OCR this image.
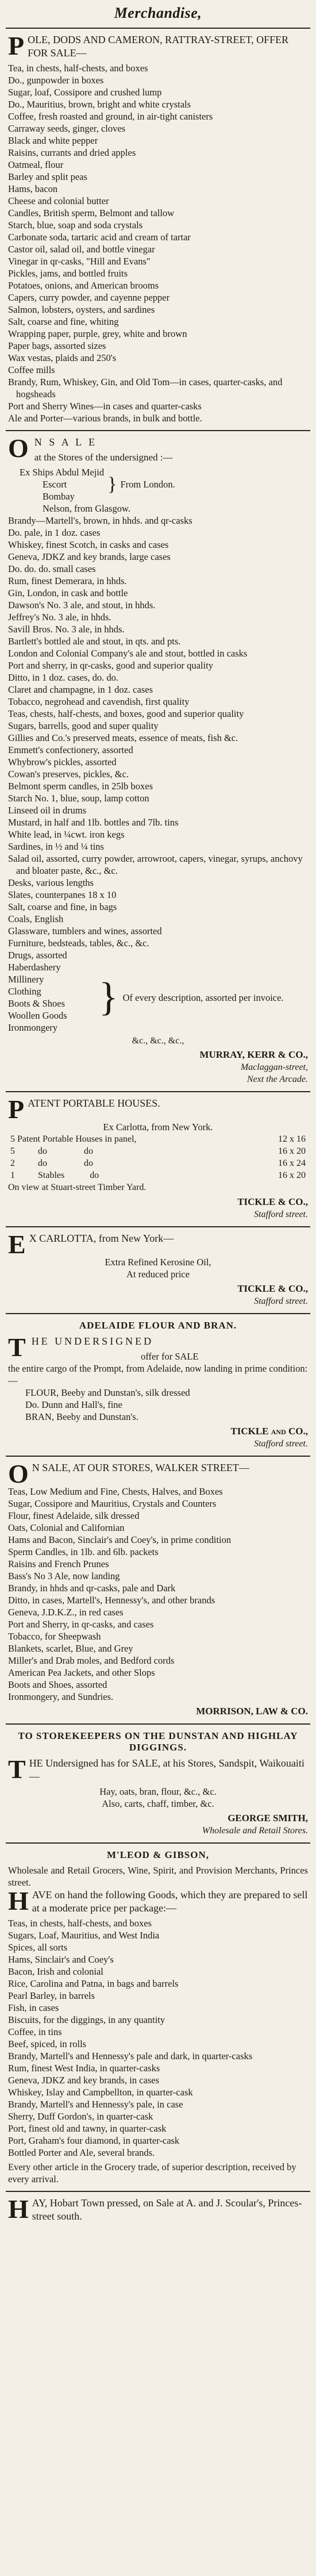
Merchandise,
P OLE, DODS AND CAMERON, RATTRAY-STREET, OFFER FOR SALE—
Tea, in chests, half-chests, and boxes
Do., gunpowder in boxes
Sugar, loaf, Cossipore and crushed lump
Do., Mauritius, brown, bright and white crystals
Coffee, fresh roasted and ground, in air-tight canisters
Carraway seeds, ginger, cloves
Black and white pepper
Raisins, currants and dried apples
Oatmeal, flour
Barley and split peas
Hams, bacon
Cheese and colonial butter
Candles, British sperm, Belmont and tallow
Starch, blue, soap and soda crystals
Carbonate soda, tartaric acid and cream of tartar
Castor oil, salad oil, and bottle vinegar
Vinegar in qr-casks, "Hill and Evans"
Pickles, jams, and bottled fruits
Potatoes, onions, and American brooms
Capers, curry powder, and cayenne pepper
Salmon, lobsters, oysters, and sardines
Salt, coarse and fine, whiting
Wrapping paper, purple, grey, white and brown
Paper bags, assorted sizes
Wax vestas, plaids and 250's
Coffee mills
Brandy, Rum, Whiskey, Gin, and Old Tom—in cases, quarter-casks, and hogsheads
Port and Sherry Wines—in cases and quarter-casks
Ale and Porter—various brands, in bulk and bottle.
O N S A L E
at the Stores of the undersigned :—
Ex Ships Abdul Mejid
Escort
Bombay
} From London.
Nelson, from Glasgow.
Brandy—Martell's, brown, in hhds. and qr-casks
Do. pale, in 1 doz. cases
Whiskey, finest Scotch, in casks and cases
Geneva, JDKZ and key brands, large cases
Do. do. do. small cases
Rum, finest Demerara, in hhds.
Gin, London, in cask and bottle
Dawson's No. 3 ale, and stout, in hhds.
Jeffrey's No. 3 ale, in hhds.
Savill Bros. No. 3 ale, in hhds.
Bartlett's bottled ale and stout, in qts. and pts.
London and Colonial Company's ale and stout, bottled in casks
Port and sherry, in qr-casks, good and superior quality
Ditto, in 1 doz. cases, do. do.
Claret and champagne, in 1 doz. cases
Tobacco, negrohead and cavendish, first quality
Teas, chests, half-chests, and boxes, good and superior quality
Sugars, barrells, good and super quality
Gillies and Co.'s preserved meats, essence of meats, fish &c.
Emmett's confectionery, assorted
Whybrow's pickles, assorted
Cowan's preserves, pickles, &c.
Belmont sperm candles, in 25lb boxes
Starch No. 1, blue, soup, lamp cotton
Linseed oil in drums
Mustard, in half and 1lb. bottles and 7lb. tins
White lead, in ¼cwt. iron kegs
Sardines, in ½ and ¼ tins
Salad oil, assorted, curry powder, arrowroot, capers, vinegar, syrups, anchovy and bloater paste, &c., &c.
Desks, various lengths
Slates, counterpanes 18 x 10
Salt, coarse and fine, in bags
Coals, English
Glassware, tumblers and wines, assorted
Furniture, bedsteads, tables, &c., &c.
Drugs, assorted
Haberdashery
Millinery
Clothing
Boots & Shoes
Woollen Goods
Ironmongery
} Of every description, assorted per invoice.
&c., &c., &c.,
MURRAY, KERR & CO.,
Maclaggan-street,
Next the Arcade.
P ATENT PORTABLE HOUSES.
Ex Carlotta, from New York.
5 Patent Portable Houses in panel,	12 x 16
5          do                do	16 x 20
2          do                do	16 x 24
1          Stables           do	16 x 20
On view at Stuart-street Timber Yard.
TICKLE & CO.,
Stafford street.
E X CARLOTTA, from New York—
Extra Refined Kerosine Oil,
At reduced price
TICKLE & CO.,
Stafford street.
ADELAIDE FLOUR AND BRAN.
T HE UNDERSIGNED
offer for SALE
the entire cargo of the Prompt, from Adelaide, now landing in prime condition:—
FLOUR, Beeby and Dunstan's, silk dressed
Do. Dunn and Hall's, fine
BRAN, Beeby and Dunstan's.
TICKLE and CO.,
Stafford street.
O N SALE, AT OUR STORES, WALKER STREET—
Teas, Low Medium and Fine, Chests, Halves, and Boxes
Sugar, Cossipore and Mauritius, Crystals and Counters
Flour, finest Adelaide, silk dressed
Oats, Colonial and Californian
Hams and Bacon, Sinclair's and Coey's, in prime condition
Sperm Candles, in 1lb. and 6lb. packets
Raisins and French Prunes
Bass's No 3 Ale, now landing
Brandy, in hhds and qr-casks, pale and Dark
Ditto, in cases, Martell's, Hennessy's, and other brands
Geneva, J.D.K.Z., in red cases
Port and Sherry, in qr-casks, and cases
Tobacco, for Sheepwash
Blankets, scarlet, Blue, and Grey
Miller's and Drab moles, and Bedford cords
American Pea Jackets, and other Slops
Boots and Shoes, assorted
Ironmongery, and Sundries.
MORRISON, LAW & CO.
TO STOREKEEPERS ON THE DUNSTAN AND HIGHLAY DIGGINGS.
T HE Undersigned has for SALE, at his Stores, Sandspit, Waikouaiti—
Hay, oats, bran, flour, &c., &c.
Also, carts, chaff, timber, &c.
GEORGE SMITH,
Wholesale and Retail Stores.
M'LEOD & GIBSON,
Wholesale and Retail Grocers, Wine, Spirit, and Provision Merchants, Princes street.
H AVE on hand the following Goods, which they are prepared to sell at a moderate price per package:—
Teas, in chests, half-chests, and boxes
Sugars, Loaf, Mauritius, and West India
Spices, all sorts
Hams, Sinclair's and Coey's
Bacon, Irish and colonial
Rice, Carolina and Patna, in bags and barrels
Pearl Barley, in barrels
Fish, in cases
Biscuits, for the diggings, in any quantity
Coffee, in tins
Beef, spiced, in rolls
Brandy, Martell's and Hennessy's pale and dark, in quarter-casks
Rum, finest West India, in quarter-casks
Geneva, JDKZ and key brands, in cases
Whiskey, Islay and Campbellton, in quarter-cask
Brandy, Martell's and Hennessy's pale, in case
Sherry, Duff Gordon's, in quarter-cask
Port, finest old and tawny, in quarter-cask
Port, Graham's four diamond, in quarter-cask
Bottled Porter and Ale, several brands.
Every other article in the Grocery trade, of superior description, received by every arrival.
H AY, Hobart Town pressed, on Sale at A. and J. Scoular's, Princes-street south.
